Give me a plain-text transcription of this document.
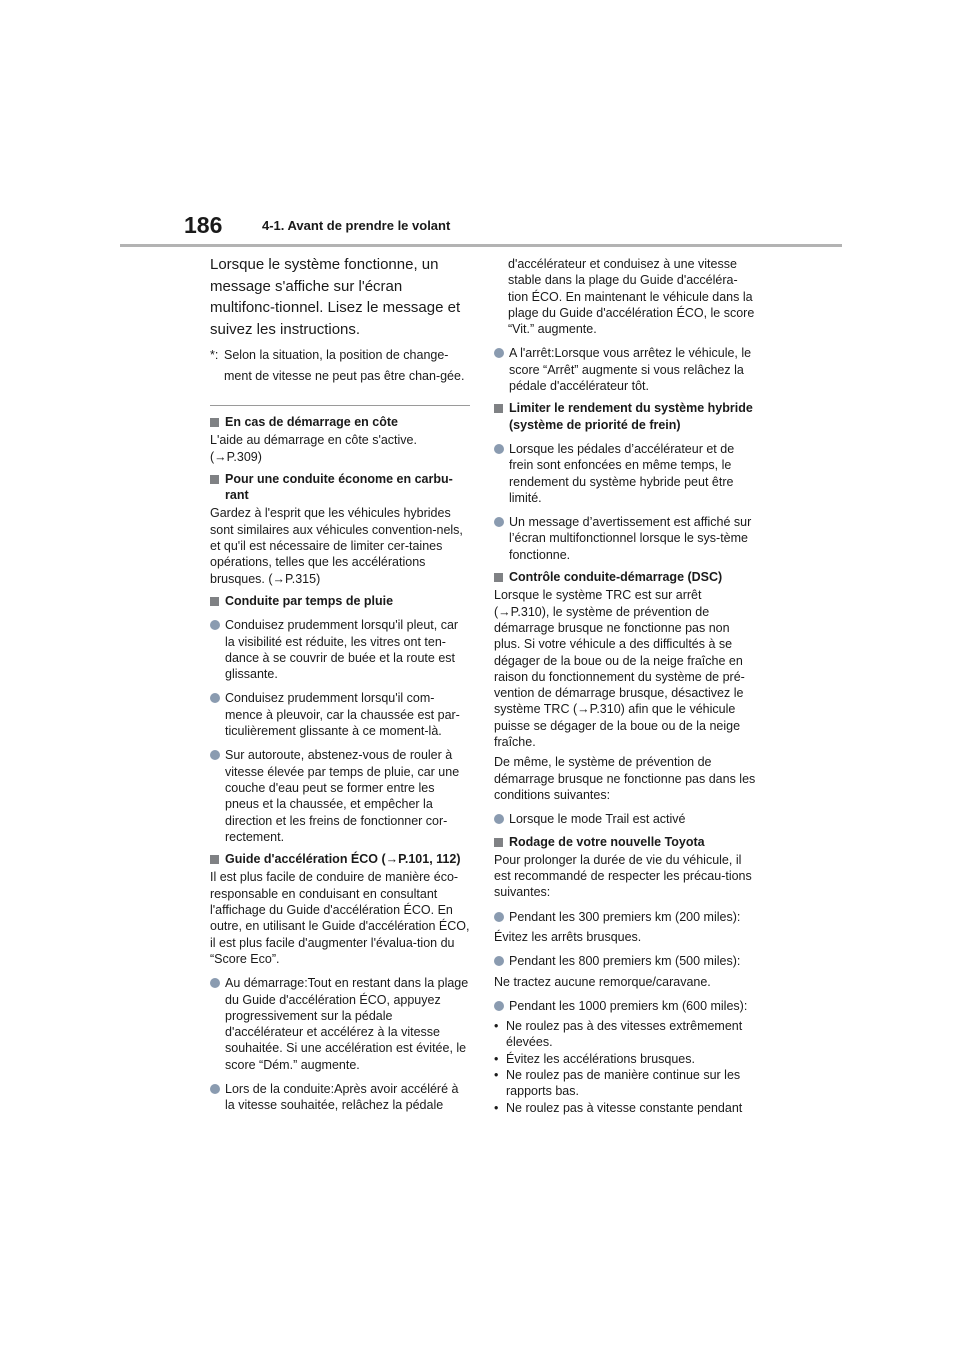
186	4-1. Avant de prendre le volant

Lorsque le système fonctionne, un message s'affiche sur l'écran multifonc-tionnel. Lisez le message et suivez les instructions.

*: Selon la situation, la position de change-ment de vitesse ne peut pas être chan-gée.
En cas de démarrage en côte

L'aide au démarrage en côte s'active. (→P.309)

Pour une conduite économe en carbu-rant

Gardez à l'esprit que les véhicules hybrides sont similaires aux véhicules convention-nels, et qu'il est nécessaire de limiter cer-taines opérations, telles que les accélérations brusques. (→P.315)

Conduite par temps de pluie
Conduisez prudemment lorsqu'il pleut, car la visibilité est réduite, les vitres ont ten-dance à se couvrir de buée et la route est glissante.
Conduisez prudemment lorsqu'il com-mence à pleuvoir, car la chaussée est par-ticulièrement glissante à ce moment-là.
Sur autoroute, abstenez-vous de rouler à vitesse élevée par temps de pluie, car une couche d'eau peut se former entre les pneus et la chaussée, et empêcher la direction et les freins de fonctionner cor-rectement.
Guide d'accélération ÉCO (→P.101, 112)

Il est plus facile de conduire de manière éco-responsable en conduisant en consultant l'affichage du Guide d'accélération ÉCO. En outre, en utilisant le Guide d'accélération ÉCO, il est plus facile d'augmenter l'évalua-tion du “Score Eco”.

Au démarrage:Tout en restant dans la plage du Guide d'accélération ÉCO, appuyez progressivement sur la pédale d'accélérateur et accélérez à la vitesse souhaitée. Si une accélération est évitée, le score “Dém.” augmente.
Lors de la conduite:Après avoir accéléré à la vitesse souhaitée, relâchez la pédale

d'accélérateur et conduisez à une vitesse stable dans la plage du Guide d'accéléra-tion ÉCO. En maintenant le véhicule dans la plage du Guide d'accélération ÉCO, le score “Vit.” augmente.

A l'arrêt:Lorsque vous arrêtez le véhicule, le score “Arrêt” augmente si vous relâchez la pédale d'accélérateur tôt.
Limiter le rendement du système hybride (système de priorité de frein)
Lorsque les pédales d’accélérateur et de frein sont enfoncées en même temps, le rendement du système hybride peut être limité.
Un message d’avertissement est affiché sur l’écran multifonctionnel lorsque le sys-tème fonctionne.
Contrôle conduite-démarrage (DSC)

Lorsque le système TRC est sur arrêt (→P.310), le système de prévention de démarrage brusque ne fonctionne pas non plus. Si votre véhicule a des difficultés à se dégager de la boue ou de la neige fraîche en raison du fonctionnement du système de pré-vention de démarrage brusque, désactivez le système TRC (→P.310) afin que le véhicule puisse se dégager de la boue ou de la neige fraîche.

De même, le système de prévention de démarrage brusque ne fonctionne pas dans les conditions suivantes:

Lorsque le mode Trail est activé
Rodage de votre nouvelle Toyota

Pour prolonger la durée de vie du véhicule, il est recommandé de respecter les précau-tions suivantes:

Pendant les 300 premiers km (200 miles):

Évitez les arrêts brusques.

Pendant les 800 premiers km (500 miles):

Ne tractez aucune remorque/caravane.

Pendant les 1000 premiers km (600 miles):
• Ne roulez pas à des vitesses extrêmement élevées.
• Évitez les accélérations brusques.
• Ne roulez pas de manière continue sur les rapports bas.
• Ne roulez pas à vitesse constante pendant
